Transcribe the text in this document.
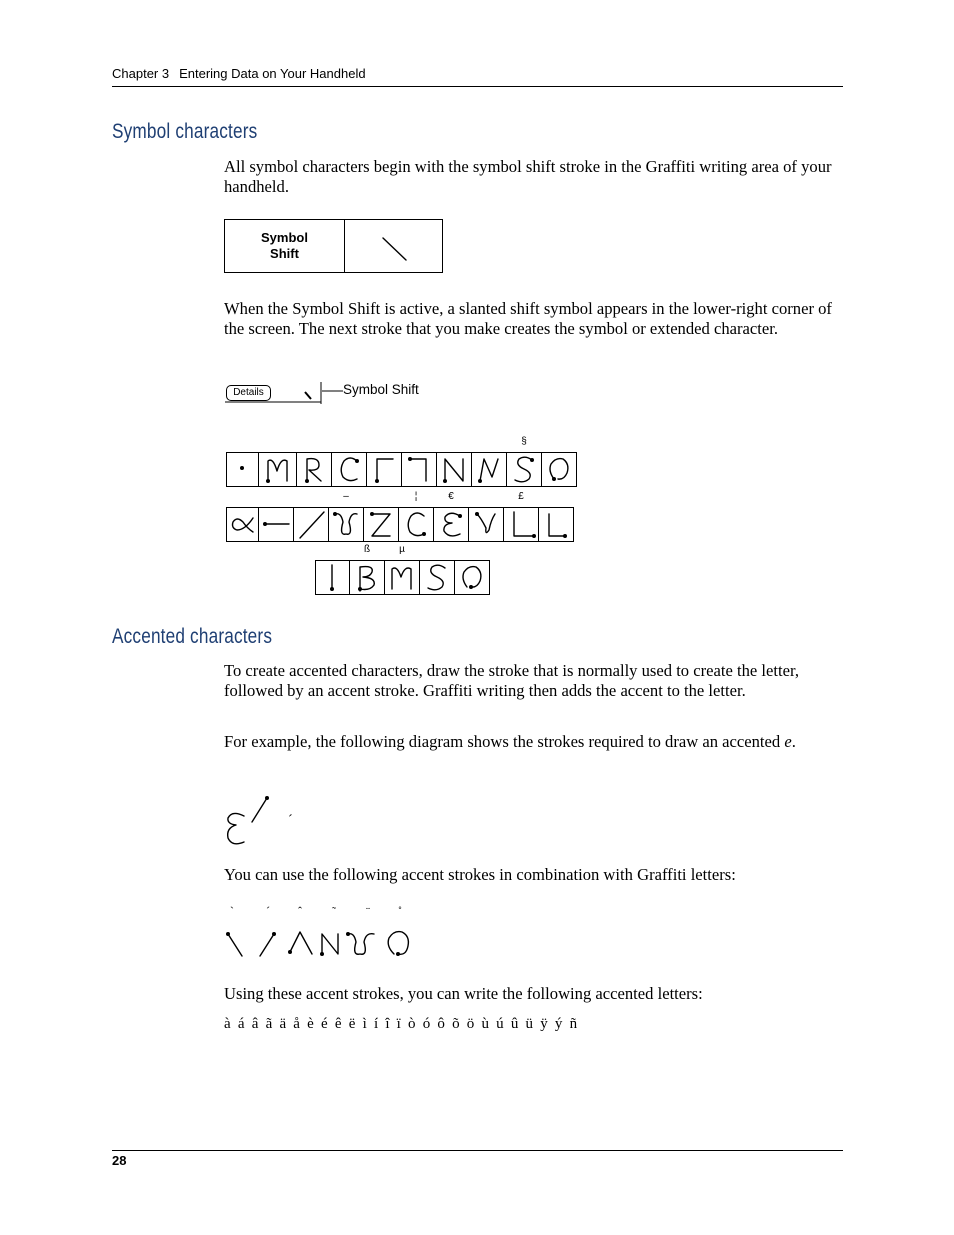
Chapter 3 Entering Data on Your Handheld
Symbol characters

All symbol characters begin with the symbol shift stroke in the Graffiti writing area of your handheld.

Symbol
Shift

When the Symbol Shift is active, a slanted shift symbol appears in the lower-right corner of the screen. The next stroke that you make creates the symbol or extended character.

Details	Symbol Shift
§
–	¦	€	£
ß	µ
Accented characters

To create accented characters, draw the stroke that is normally used to create the letter, followed by an accent stroke. Graffiti writing then adds the accent to the letter.

For example, the following diagram shows the strokes required to draw an accented e.

´

You can use the following accent strokes in combination with Graffiti letters:

`	´ ˆ	˜	¨ ˚

Using these accent strokes, you can write the following accented letters:

à á â ã ä å è é ê ë ì í î ï ò ó ô õ ö ù ú û ü ÿ ý ñ
28
